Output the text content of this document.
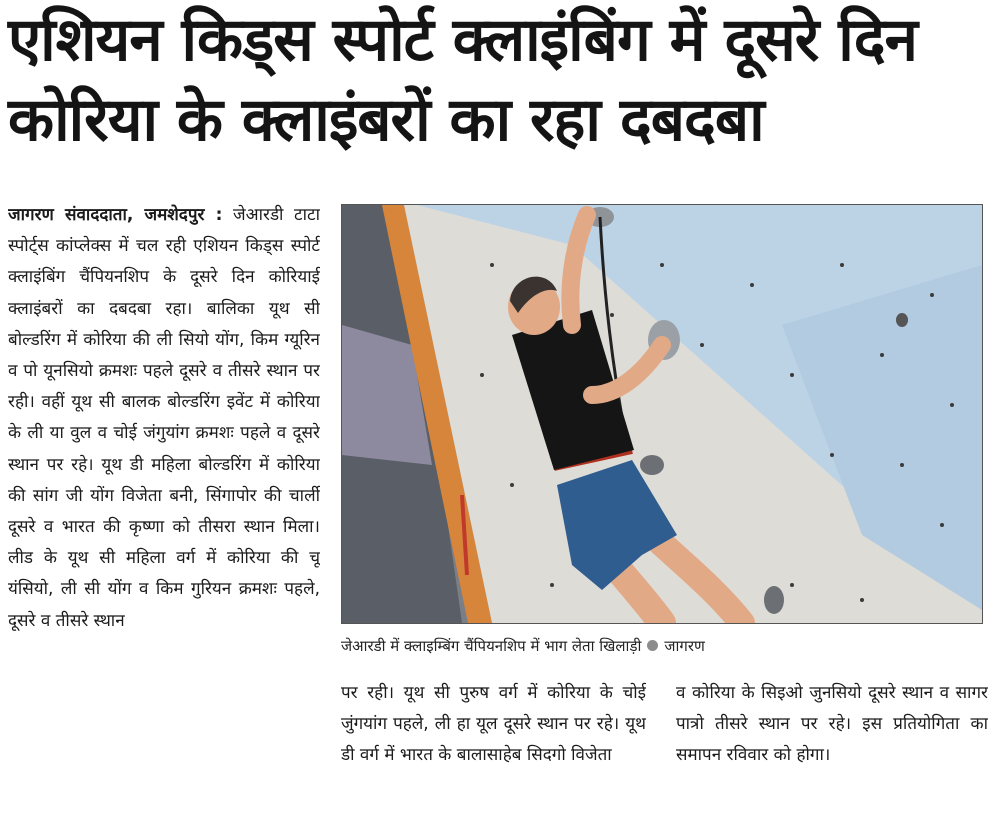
एशियन किड्स स्पोर्ट क्लाइंबिंग में दूसरे दिन
कोरिया के क्लाइंबरों का रहा दबदबा
जागरण संवाददाता, जमशेदपुर : जेआरडी टाटा स्पोर्ट्स कांप्लेक्स में चल रही एशियन किड्स स्पोर्ट क्लाइंबिंग चैंपियनशिप के दूसरे दिन कोरियाई क्लाइंबरों का दबदबा रहा। बालिका यूथ सी बोल्डरिंग में कोरिया की ली सियो योंग, किम ग्यूरिन व पो यूनसियो क्रमशः पहले दूसरे व तीसरे स्थान पर रही। वहीं यूथ सी बालक बोल्डरिंग इवेंट में कोरिया के ली या वुल व चोई जंगुयांग क्रमशः पहले व दूसरे स्थान पर रहे। यूथ डी महिला बोल्डरिंग में कोरिया की सांग जी योंग विजेता बनी, सिंगापोर की चार्ली दूसरे व भारत की कृष्णा को तीसरा स्थान मिला। लीड के यूथ सी महिला वर्ग में कोरिया की चू यंसियो, ली सी योंग व किम गुरियन क्रमशः पहले, दूसरे व तीसरे स्थान
जेआरडी में क्लाइम्बिंग चैंपियनशिप में भाग लेता खिलाड़ी जागरण
पर रही। यूथ सी पुरुष वर्ग में कोरिया के चोई जुंगयांग पहले, ली हा यूल दूसरे स्थान पर रहे। यूथ डी वर्ग में भारत के बालासाहेब सिदगो विजेता
व कोरिया के सिइओ जुनसियो दूसरे स्थान व सागर पात्रो तीसरे स्थान पर रहे। इस प्रतियोगिता का समापन रविवार को होगा।
